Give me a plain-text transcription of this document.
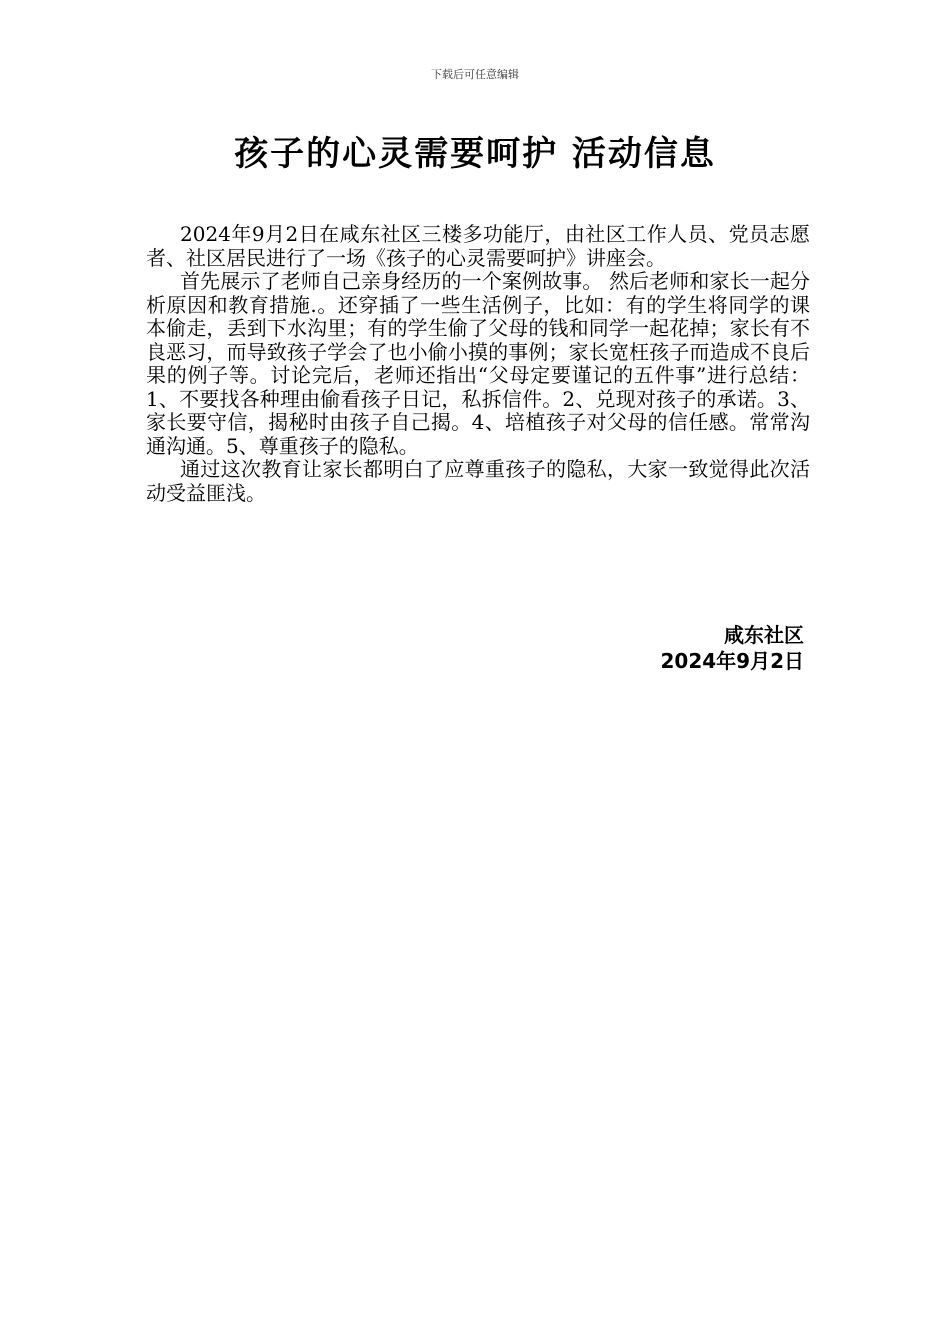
下载后可任意编辑
孩子的心灵需要呵护 活动信息

2024年9月2日在咸东社区三楼多功能厅，由社区工作人员、党员志愿者、社区居民进行了一场《孩子的心灵需要呵护》讲座会。

首先展示了老师自己亲身经历的一个案例故事。 然后老师和家长一起分析原因和教育措施.。还穿插了一些生活例子，比如：有的学生将同学的课本偷走，丢到下水沟里；有的学生偷了父母的钱和同学一起花掉；家长有不良恶习，而导致孩子学会了也小偷小摸的事例；家长宽枉孩子而造成不良后果的例子等。讨论完后，老师还指出“父母定要谨记的五件事”进行总结：1、不要找各种理由偷看孩子日记，私拆信件。2、兑现对孩子的承诺。3、家长要守信，揭秘时由孩子自己揭。4、培植孩子对父母的信任感。常常沟通沟通。5、尊重孩子的隐私。

通过这次教育让家长都明白了应尊重孩子的隐私，大家一致觉得此次活动受益匪浅。

咸东社区
2024年9月2日
